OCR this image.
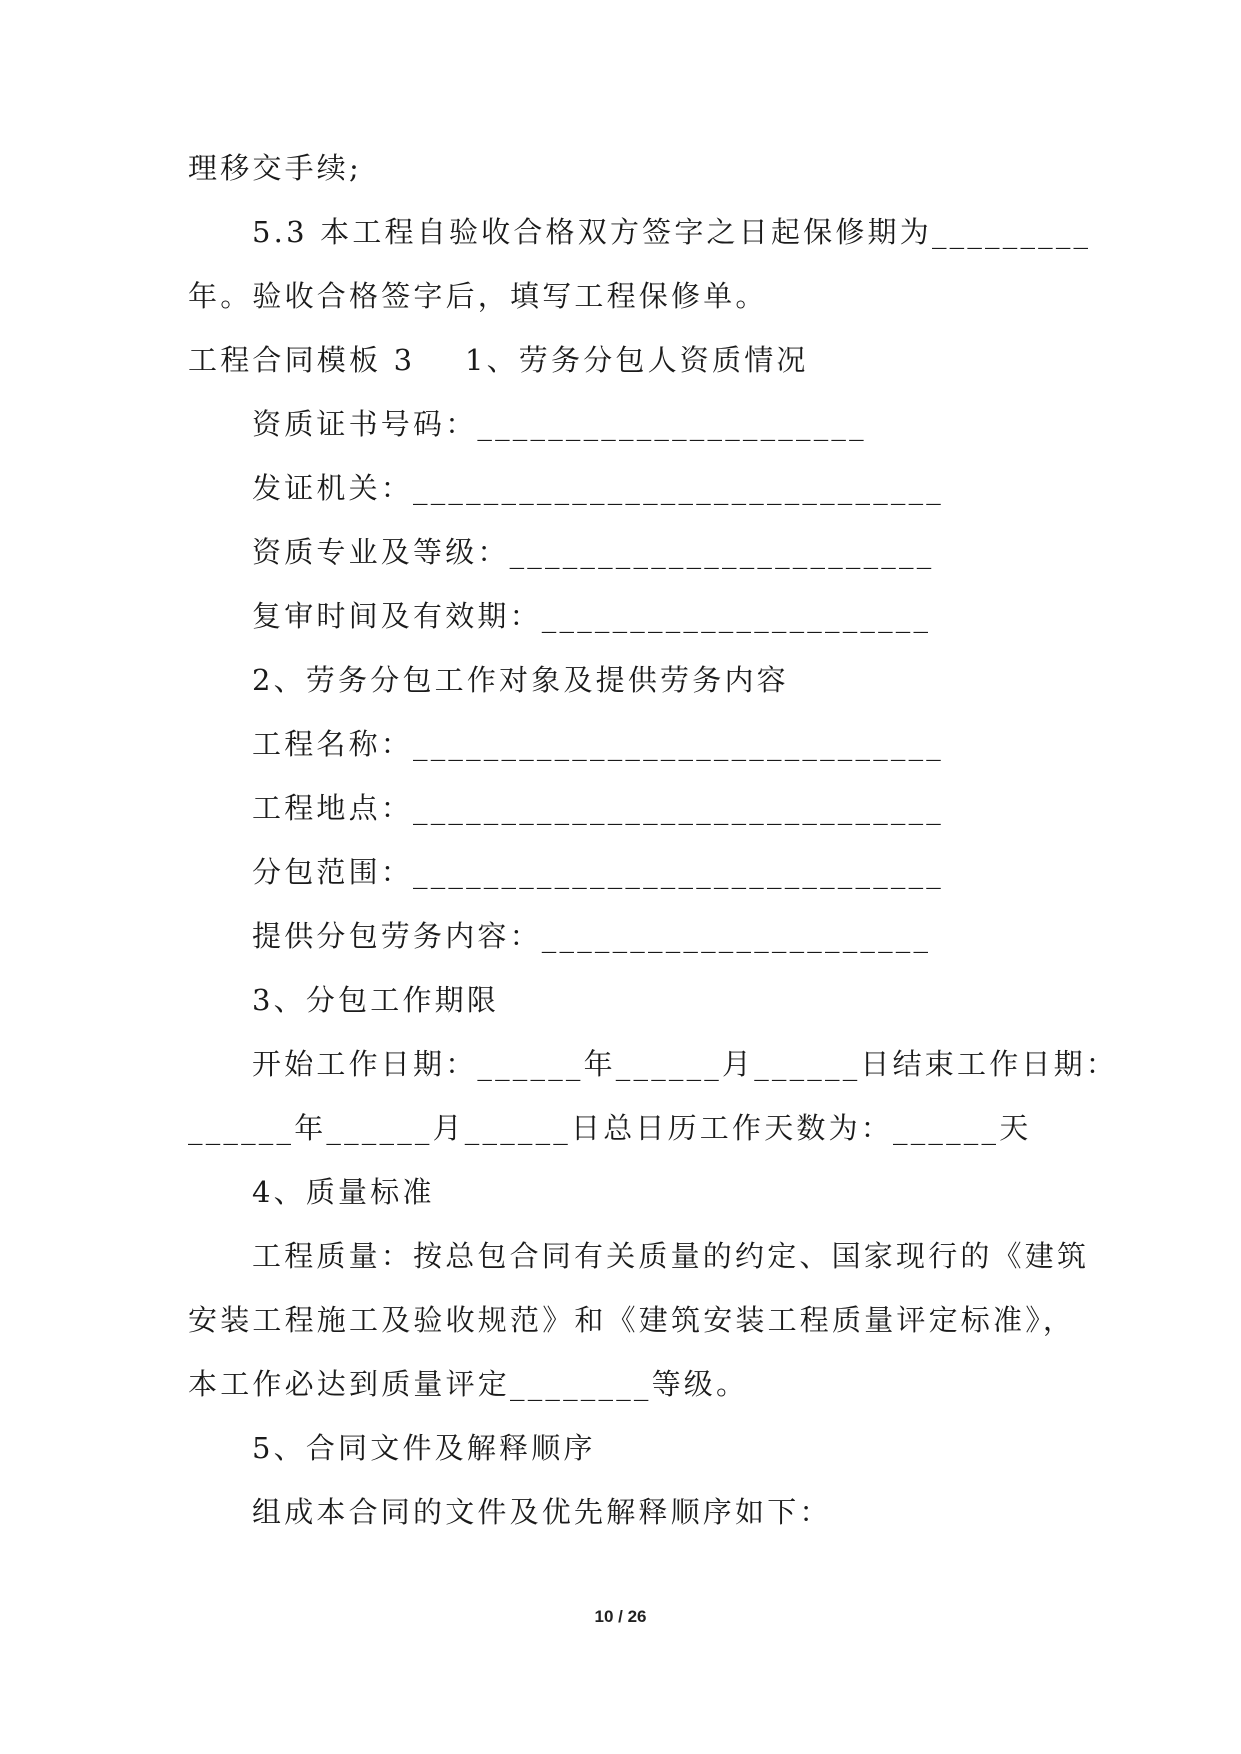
理移交手续;
5.3 本工程自验收合格双方签字之日起保修期为_________
年。验收合格签字后，填写工程保修单。
工程合同模板 3    1、劳务分包人资质情况
资质证书号码：______________________
发证机关：______________________________
资质专业及等级：________________________
复审时间及有效期：______________________
2、劳务分包工作对象及提供劳务内容
工程名称：______________________________
工程地点：______________________________
分包范围：______________________________
提供分包劳务内容：______________________
3、分包工作期限
开始工作日期：______年______月______日结束工作日期：
______年______月______日总日历工作天数为：______天
4、质量标准
工程质量：按总包合同有关质量的约定、国家现行的《建筑
安装工程施工及验收规范》和《建筑安装工程质量评定标准》，
本工作必达到质量评定________等级。
5、合同文件及解释顺序
组成本合同的文件及优先解释顺序如下：
10 / 26
